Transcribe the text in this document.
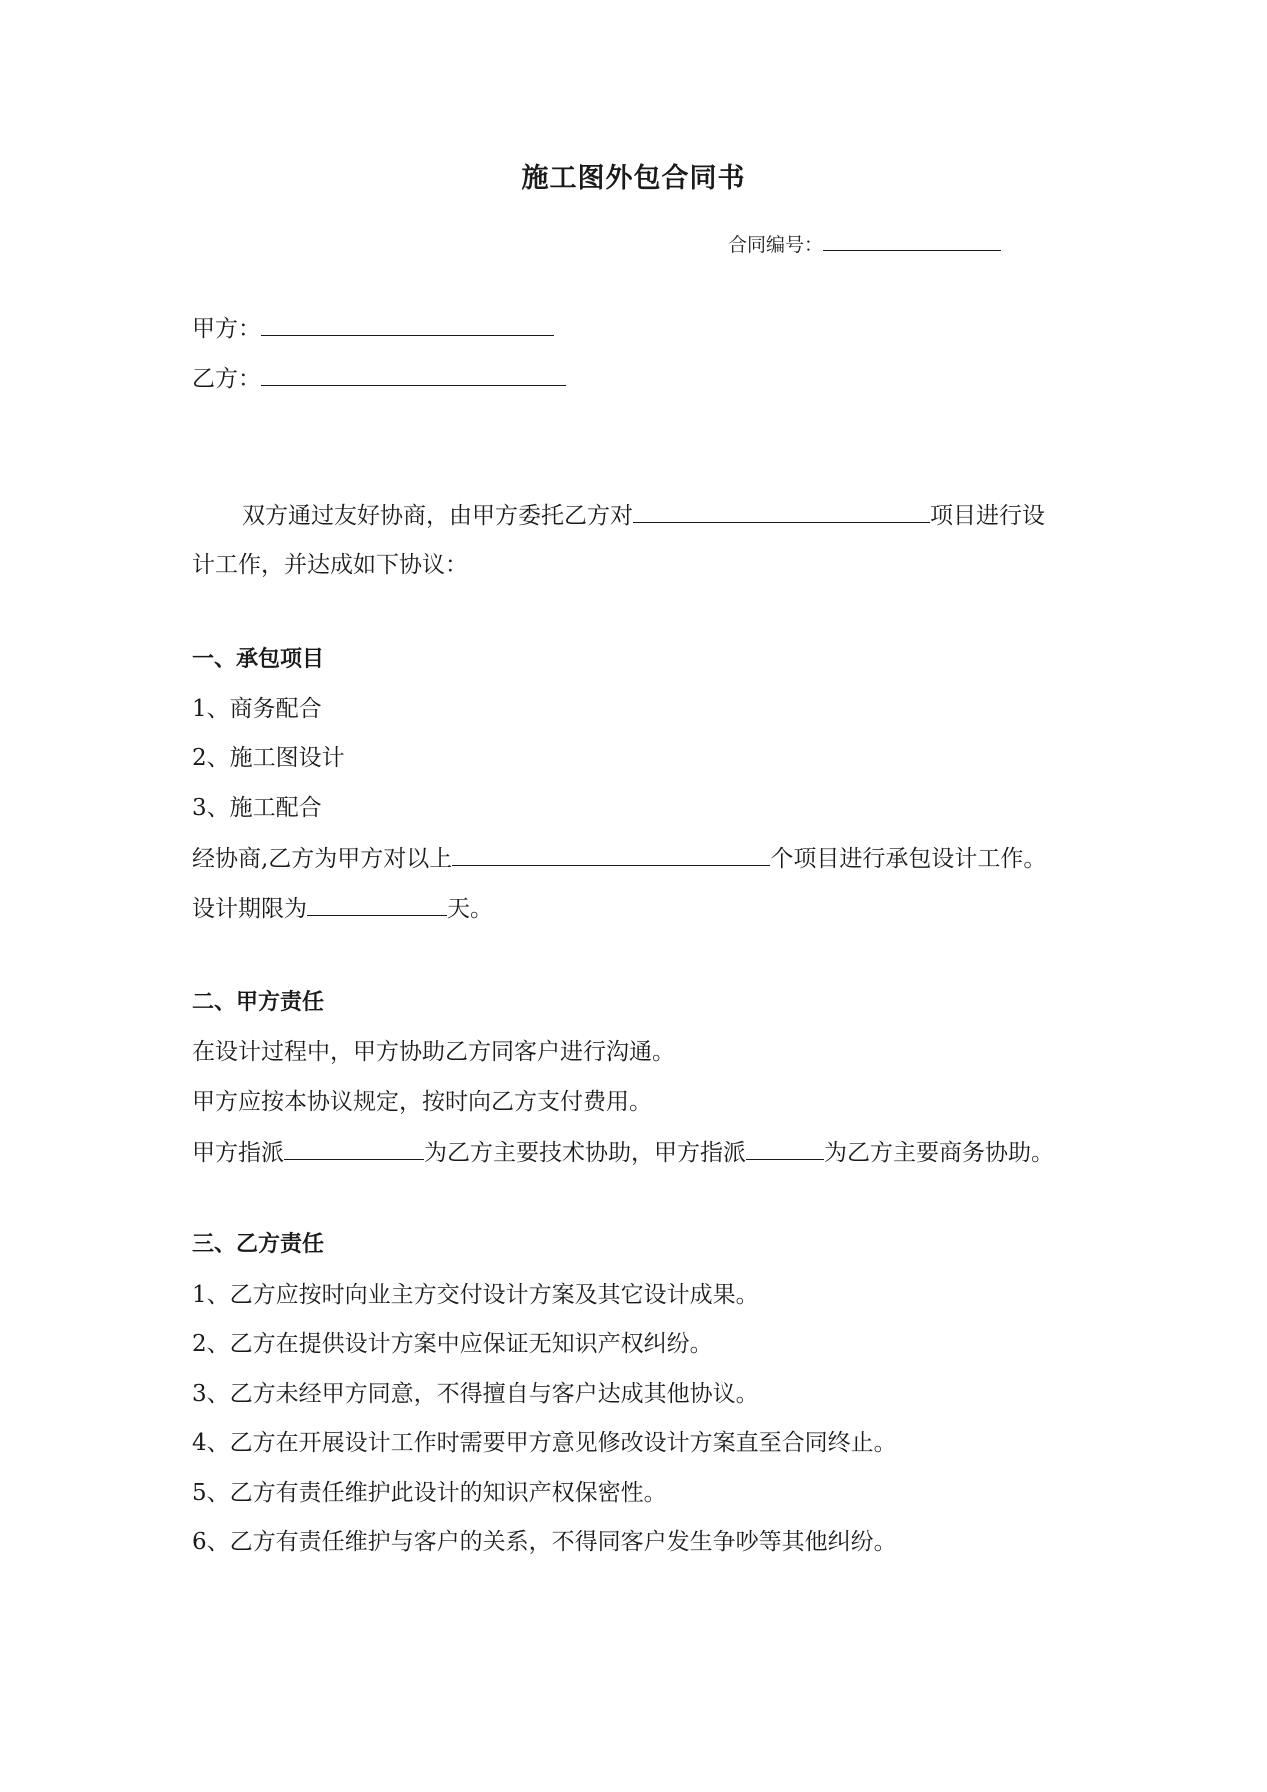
施工图外包合同书
合同编号：
甲方：
乙方：
双方通过友好协商，由甲方委托乙方对	项目进行设
计工作，并达成如下协议：
一、承包项目
1、商务配合
2、施工图设计
3、施工配合
经协商,乙方为甲方对以上	个项目进行承包设计工作。
设计期限为	天。
二、甲方责任
在设计过程中，甲方协助乙方同客户进行沟通。
甲方应按本协议规定，按时向乙方支付费用。
甲方指派	为乙方主要技术协助，甲方指派	为乙方主要商务协助。
三、乙方责任
1、乙方应按时向业主方交付设计方案及其它设计成果。
2、乙方在提供设计方案中应保证无知识产权纠纷。
3、乙方未经甲方同意，不得擅自与客户达成其他协议。
4、乙方在开展设计工作时需要甲方意见修改设计方案直至合同终止。
5、乙方有责任维护此设计的知识产权保密性。
6、乙方有责任维护与客户的关系，不得同客户发生争吵等其他纠纷。
